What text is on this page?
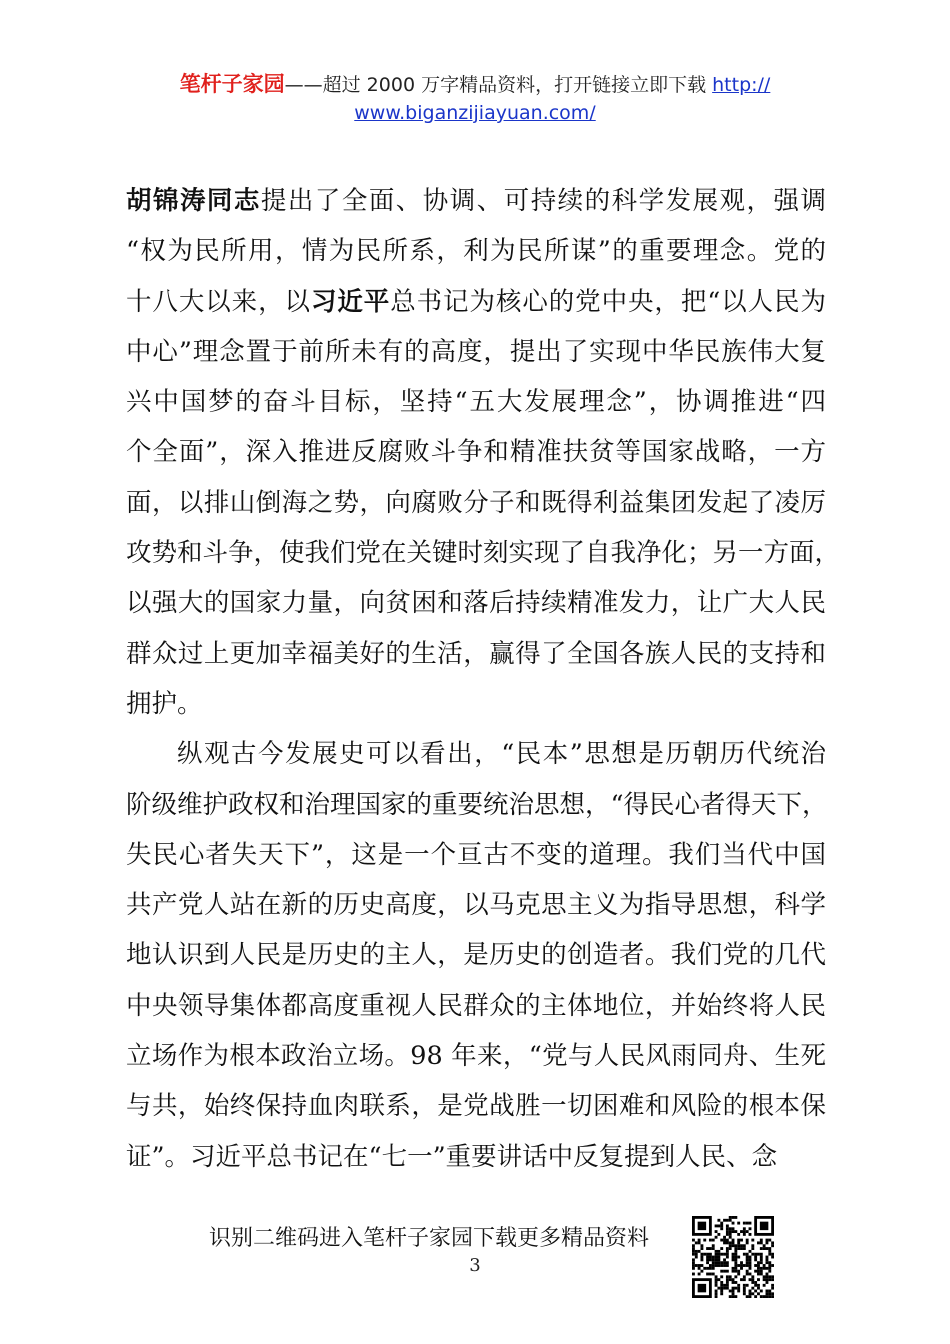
笔杆子家园——超过 2000 万字精品资料，打开链接立即下载 http://
www.biganzijiayuan.com/
胡锦涛同志提出了全面、协调、可持续的科学发展观，强调
“权为民所用，情为民所系，利为民所谋”的重要理念。党的
十八大以来，以习近平总书记为核心的党中央，把“以人民为
中心”理念置于前所未有的高度，提出了实现中华民族伟大复
兴中国梦的奋斗目标，坚持“五大发展理念”，协调推进“四
个全面”，深入推进反腐败斗争和精准扶贫等国家战略，一方
面，以排山倒海之势，向腐败分子和既得利益集团发起了凌厉
攻势和斗争，使我们党在关键时刻实现了自我净化；另一方面，
以强大的国家力量，向贫困和落后持续精准发力，让广大人民
群众过上更加幸福美好的生活，赢得了全国各族人民的支持和
拥护。
纵观古今发展史可以看出，“民本”思想是历朝历代统治
阶级维护政权和治理国家的重要统治思想，“得民心者得天下，
失民心者失天下”，这是一个亘古不变的道理。我们当代中国
共产党人站在新的历史高度，以马克思主义为指导思想，科学
地认识到人民是历史的主人，是历史的创造者。我们党的几代
中央领导集体都高度重视人民群众的主体地位，并始终将人民
立场作为根本政治立场。98 年来，“党与人民风雨同舟、生死
与共，始终保持血肉联系，是党战胜一切困难和风险的根本保
证”。习近平总书记在“七一”重要讲话中反复提到人民、念
识别二维码进入笔杆子家园下载更多精品资料
3
